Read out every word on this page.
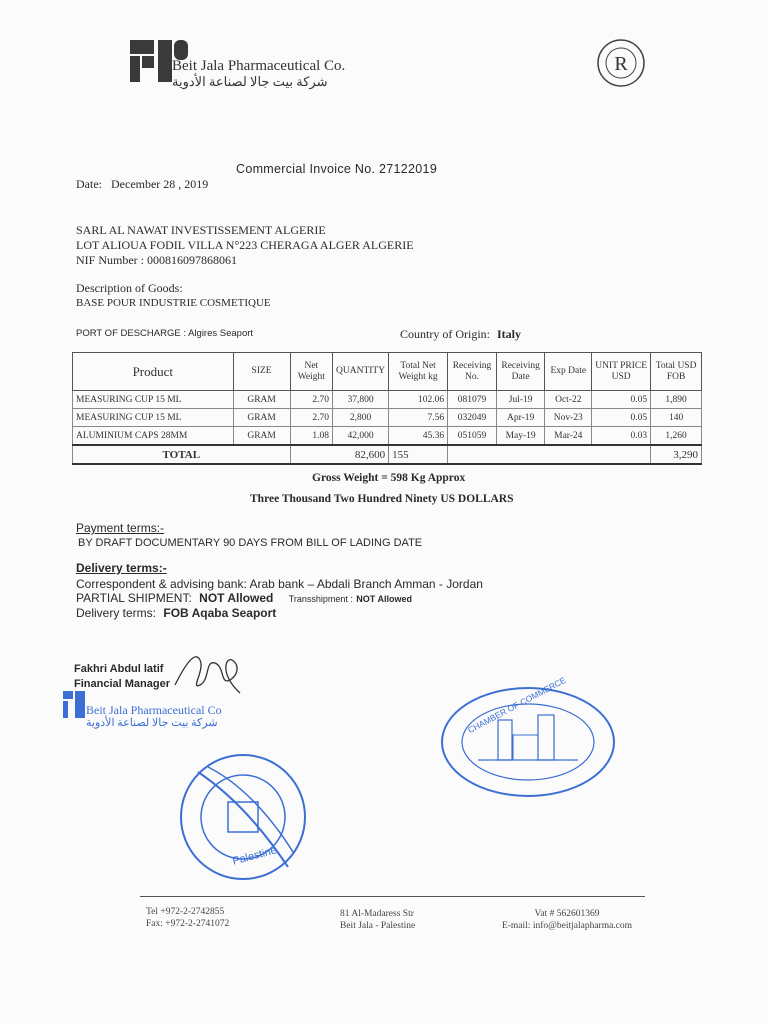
Beit Jala Pharmaceutical Co.
شركة بيت جالا لصناعة الأدوية
R
Commercial Invoice No. 27122019
Date: December 28 , 2019
SARL AL NAWAT INVESTISSEMENT ALGERIE
LOT ALIOUA FODIL VILLA N°223 CHERAGA ALGER ALGERIE
NIF Number : 000816097868061
Description of Goods:
BASE POUR INDUSTRIE COSMETIQUE
PORT OF DESCHARGE : Algires Seaport	Country of Origin: Italy
Product	SIZE	Net Weight	QUANTITY	Total Net Weight kg	Receiving No.	Receiving Date	Exp Date	UNIT PRICE USD	Total USD FOB
MEASURING CUP 15 ML	GRAM	2.70	37,800	102.06	081079	Jul-19	Oct-22	0.05	1,890
MEASURING CUP 15 ML	GRAM	2.70	2,800	7.56	032049	Apr-19	Nov-23	0.05	140
ALUMINIUM CAPS 28MM	GRAM	1.08	42,000	45.36	051059	May-19	Mar-24	0.03	1,260
TOTAL		82,600		155					3,290
Gross Weight = 598 Kg Approx
Three Thousand Two Hundred Ninety US DOLLARS
Payment terms:-
BY DRAFT DOCUMENTARY 90 DAYS FROM BILL OF LADING DATE
Delivery terms:-
Correspondent & advising bank: Arab bank – Abdali Branch Amman - Jordan
PARTIAL SHIPMENT: NOT Allowed Transshipment : NOT Allowed
Delivery terms: FOB Aqaba Seaport
Fakhri Abdul latif
Financial Manager
Beit Jala Pharmaceutical Co
شركة بيت جالا لصناعة الأدوية
Palestine
CHAMBER OF COMMERCE
Tel +972-2-2742855
Fax: +972-2-2741072
81 Al-Madaress Str
Beit Jala - Palestine
Vat # 562601369
E-mail: info@beitjalapharma.com
